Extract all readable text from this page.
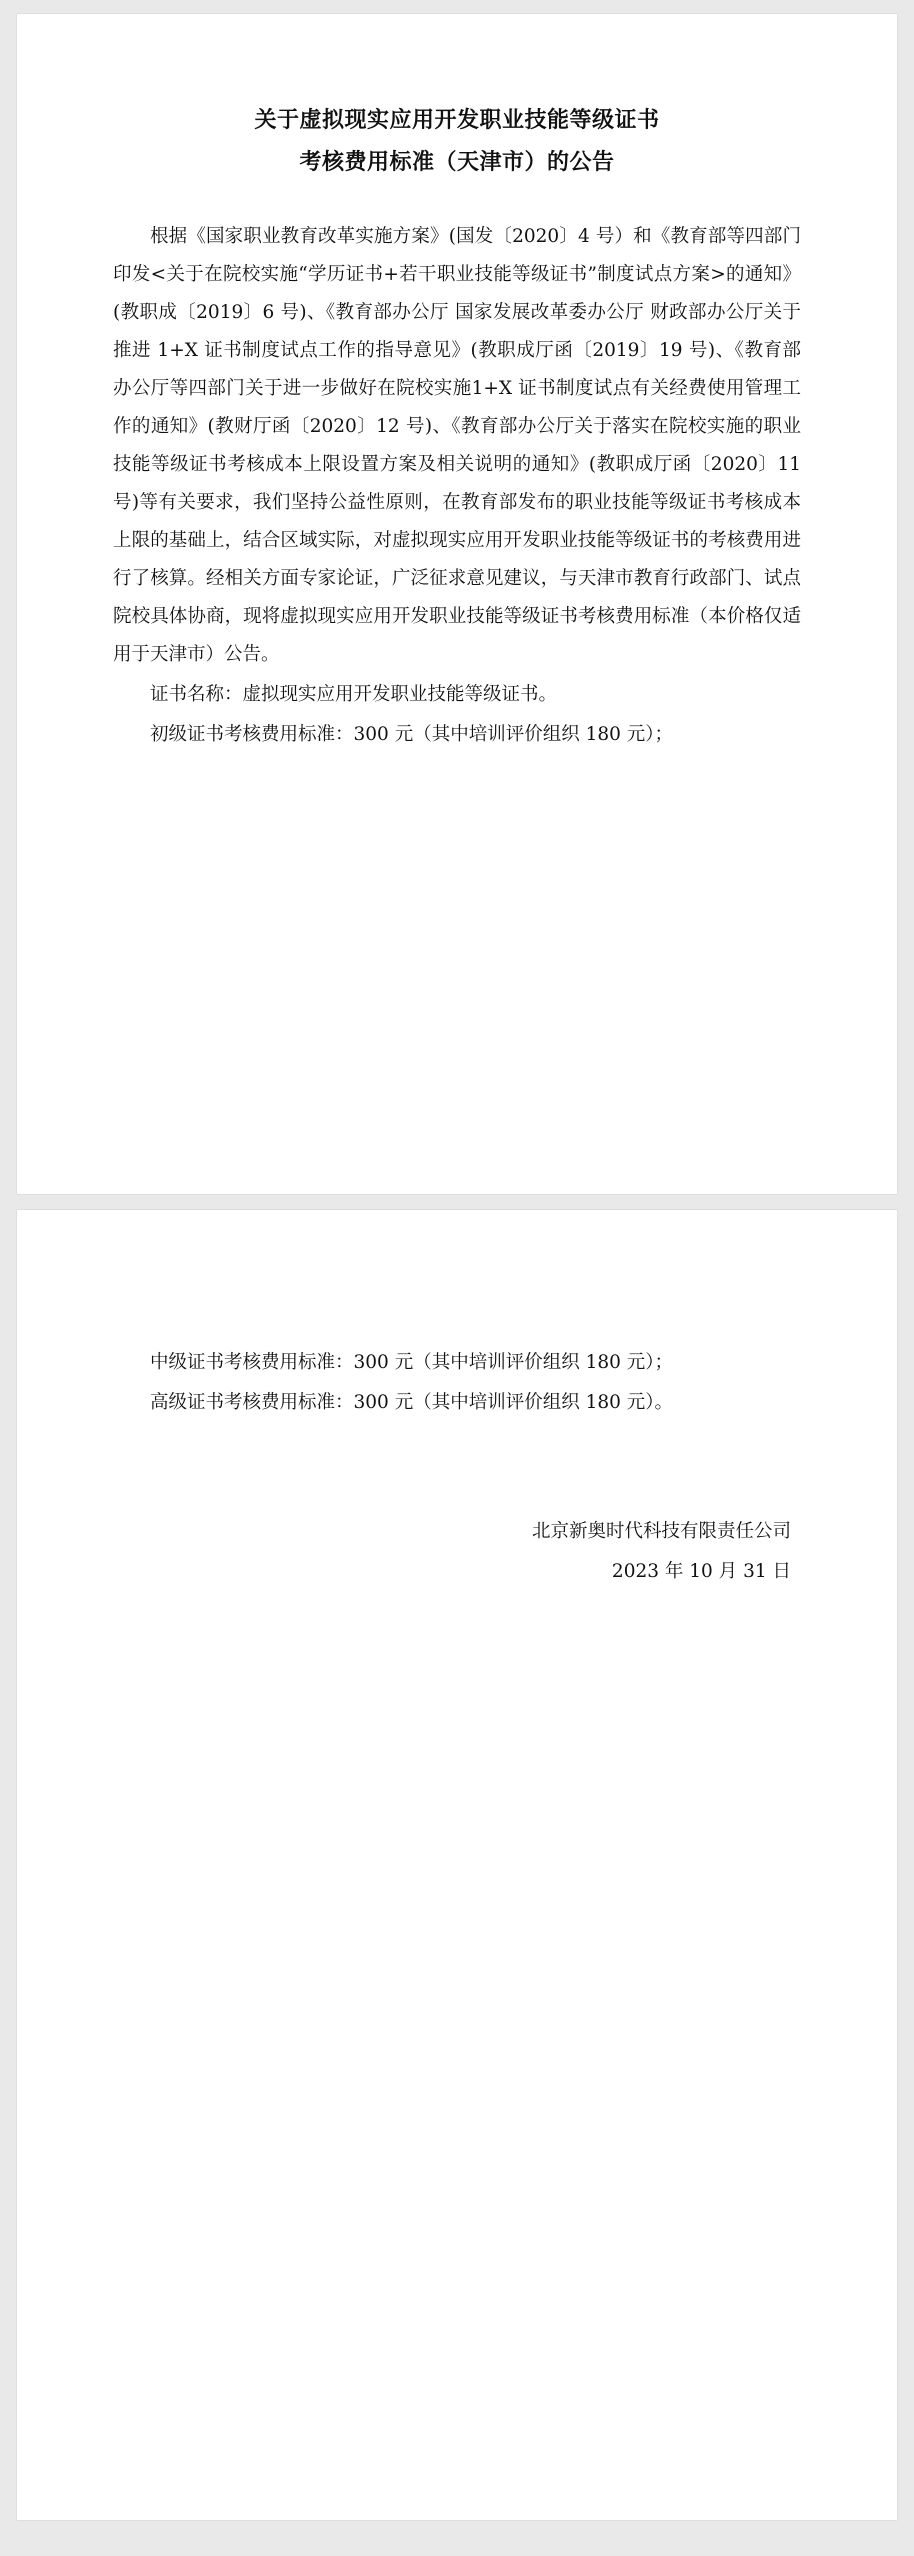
关于虚拟现实应用开发职业技能等级证书
考核费用标准（天津市）的公告

根据《国家职业教育改革实施方案》(国发〔2020〕4 号）和《教育部等四部门印发<关于在院校实施“学历证书+若干职业技能等级证书”制度试点方案>的通知》(教职成〔2019〕6 号)、《教育部办公厅 国家发展改革委办公厅 财政部办公厅关于推进 1+X 证书制度试点工作的指导意见》(教职成厅函〔2019〕19 号)、《教育部办公厅等四部门关于进一步做好在院校实施1+X 证书制度试点有关经费使用管理工作的通知》(教财厅函〔2020〕12 号)、《教育部办公厅关于落实在院校实施的职业技能等级证书考核成本上限设置方案及相关说明的通知》(教职成厅函〔2020〕11 号)等有关要求，我们坚持公益性原则，在教育部发布的职业技能等级证书考核成本上限的基础上，结合区域实际，对虚拟现实应用开发职业技能等级证书的考核费用进行了核算。经相关方面专家论证，广泛征求意见建议，与天津市教育行政部门、试点院校具体协商，现将虚拟现实应用开发职业技能等级证书考核费用标准（本价格仅适用于天津市）公告。

证书名称：虚拟现实应用开发职业技能等级证书。

初级证书考核费用标准：300 元（其中培训评价组织 180 元）；

中级证书考核费用标准：300 元（其中培训评价组织 180 元）；

高级证书考核费用标准：300 元（其中培训评价组织 180 元）。

北京新奥时代科技有限责任公司
2023 年 10 月 31 日
